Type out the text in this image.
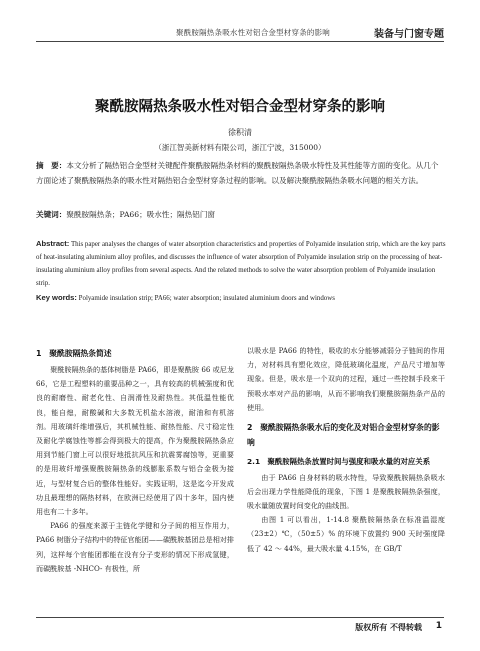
聚酰胺隔热条吸水性对铝合金型材穿条的影响	装备与门窗专题
聚酰胺隔热条吸水性对铝合金型材穿条的影响
徐积清
（浙江智美新材料有限公司，浙江宁波，315000）
摘　要：本文分析了隔热铝合金型材关键配件聚酰胺隔热条材料的聚酰胺隔热条吸水特性及其性能等方面的变化。从几个方面论述了聚酰胺隔热条的吸水性对隔热铝合金型材穿条过程的影响。以及解决聚酰胺隔热条吸水问题的相关方法。
关键词：聚酰胺隔热条；PA66；吸水性；隔热铝门窗
Abstract: This paper analyses the changes of water absorption characteristics and properties of Polyamide insulation strip, which are the key parts of heat-insulating aluminium alloy profiles, and discusses the influence of water absorption of Polyamide insulation strip on the processing of heat-insulating aluminium alloy profiles from several aspects. And the related methods to solve the water absorption problem of Polyamide insulation strip.
Key words: Polyamide insulation strip; PA66; water absorption; insulated aluminium doors and windows
1　聚酰胺隔热条简述

聚酰胺隔热条的基体树脂是 PA66，即是聚酰胺 66 或尼龙 66，它是工程塑料的重要品种之一，具有较高的机械强度和优良的耐磨性、耐老化性、自润滑性及耐热性。其低温性能优良，能自熄，耐酸碱和大多数无机盐水溶液，耐油和有机溶剂。用玻璃纤维增强后，其机械性能、耐热性能、尺寸稳定性及耐化学腐蚀性等都会得到极大的提高，作为聚酰胺隔热条应用到节能门窗上可以很好地抵抗风压和抗震雾腐蚀等，更重要的是用玻纤增强聚酰胺隔热条的线膨胀系数与铝合金极为接近，与型材复合后的整体性能好。实践证明，这是迄今开发成功且最理想的隔热材料，在欧洲已经使用了四十多年，国内使用也有二十多年。

PA66 的强度来源于主链化学键和分子间的相互作用力，PA66 树脂分子结构中的特征官能团——碳酰胺基团总是相对排列，这样每个官能团都能在没有分子变形的情况下形成氢键，而碳酰胺基 -NHCO- 有极性，所

以吸水是 PA66 的特性，吸收的水分能够减弱分子链间的作用力，对材料具有塑化效应，降低玻璃化温度，产品尺寸增加等现象。但是，吸水是一个双向的过程，通过一些控制手段来干预吸水率对产品的影响，从而不影响我们聚酰胺隔热条产品的使用。

2　聚酰胺隔热条吸水后的变化及对铝合金型材穿条的影响
2.1　聚酰胺隔热条放置时间与强度和吸水量的对应关系

由于 PA66 自身材料的吸水特性，导致聚酰胺隔热条吸水后会出现力学性能降低的现象，下图 1 是聚酰胺隔热条强度，吸水量随放置时间变化的曲线图。

由图 1 可以看出，1-14.8 聚酰胺隔热条在标准温湿度（23±2）℃，（50±5）% 的环境下放置约 900 天时强度降低了 42 ～ 44%，最大吸水量 4.15%，在 GB/T

版权所有 不得转载 1
